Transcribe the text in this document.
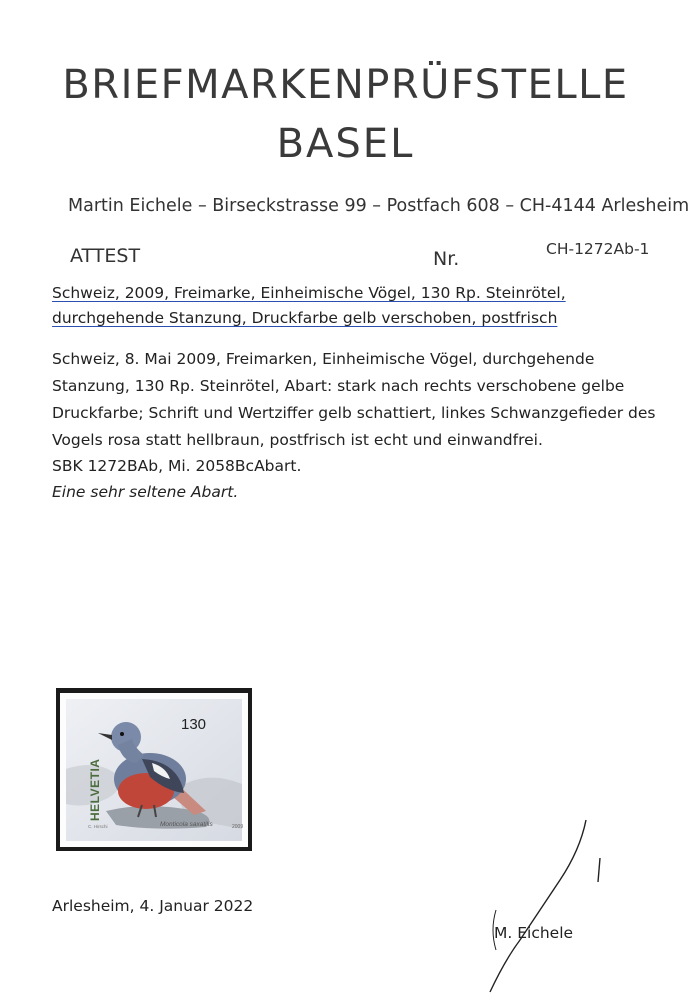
BRIEFMARKENPRÜFSTELLE
BASEL
Martin Eichele – Birseckstrasse 99 – Postfach 608 – CH-4144 Arlesheim
ATTEST	Nr.	CH-1272Ab-1
Schweiz, 2009, Freimarke, Einheimische Vögel, 130 Rp. Steinrötel,
durchgehende Stanzung, Druckfarbe gelb verschoben, postfrisch
Schweiz, 8. Mai 2009, Freimarken, Einheimische Vögel, durchgehende
Stanzung, 130 Rp. Steinrötel, Abart: stark nach rechts verschobene gelbe
Druckfarbe; Schrift und Wertziffer gelb schattiert, linkes Schwanzgefieder des
Vogels rosa statt hellbraun, postfrisch ist echt und einwandfrei.
SBK 1272BAb, Mi. 2058BcAbart.
Eine sehr seltene Abart.
130
HELVETIA
Monticola saxatilis
C. Hirschi	2009
Arlesheim, 4. Januar 2022
M. Eichele
